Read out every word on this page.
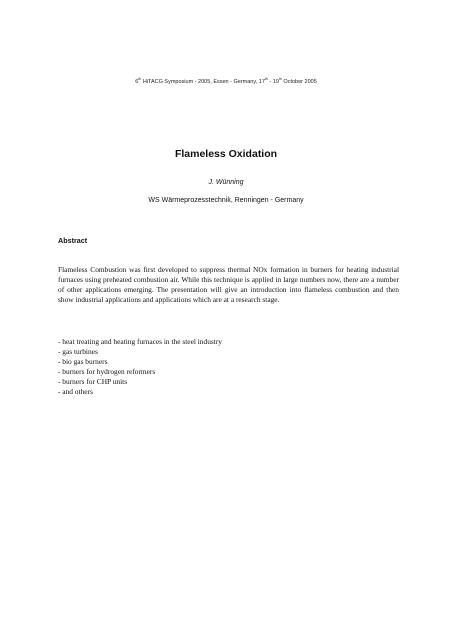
6th HiTACG Symposium - 2005, Essen - Germany, 17th - 19th October 2005
Flameless Oxidation
J. Wünning
WS Wärmeprozesstechnik, Renningen - Germany
Abstract
Flameless Combustion was first developed to suppress thermal NOx formation in burners for heating industrial furnaces using preheated combustion air. While this technique is applied in large numbers now, there are a number of other applications emerging. The presentation will give an introduction into flameless combustion and then show industrial applications and applications which are at a research stage.
- heat treating and heating furnaces in the steel industry
- gas turbines
- bio gas burners
- burners for hydrogen reformers
- burners for CHP units
- and others
